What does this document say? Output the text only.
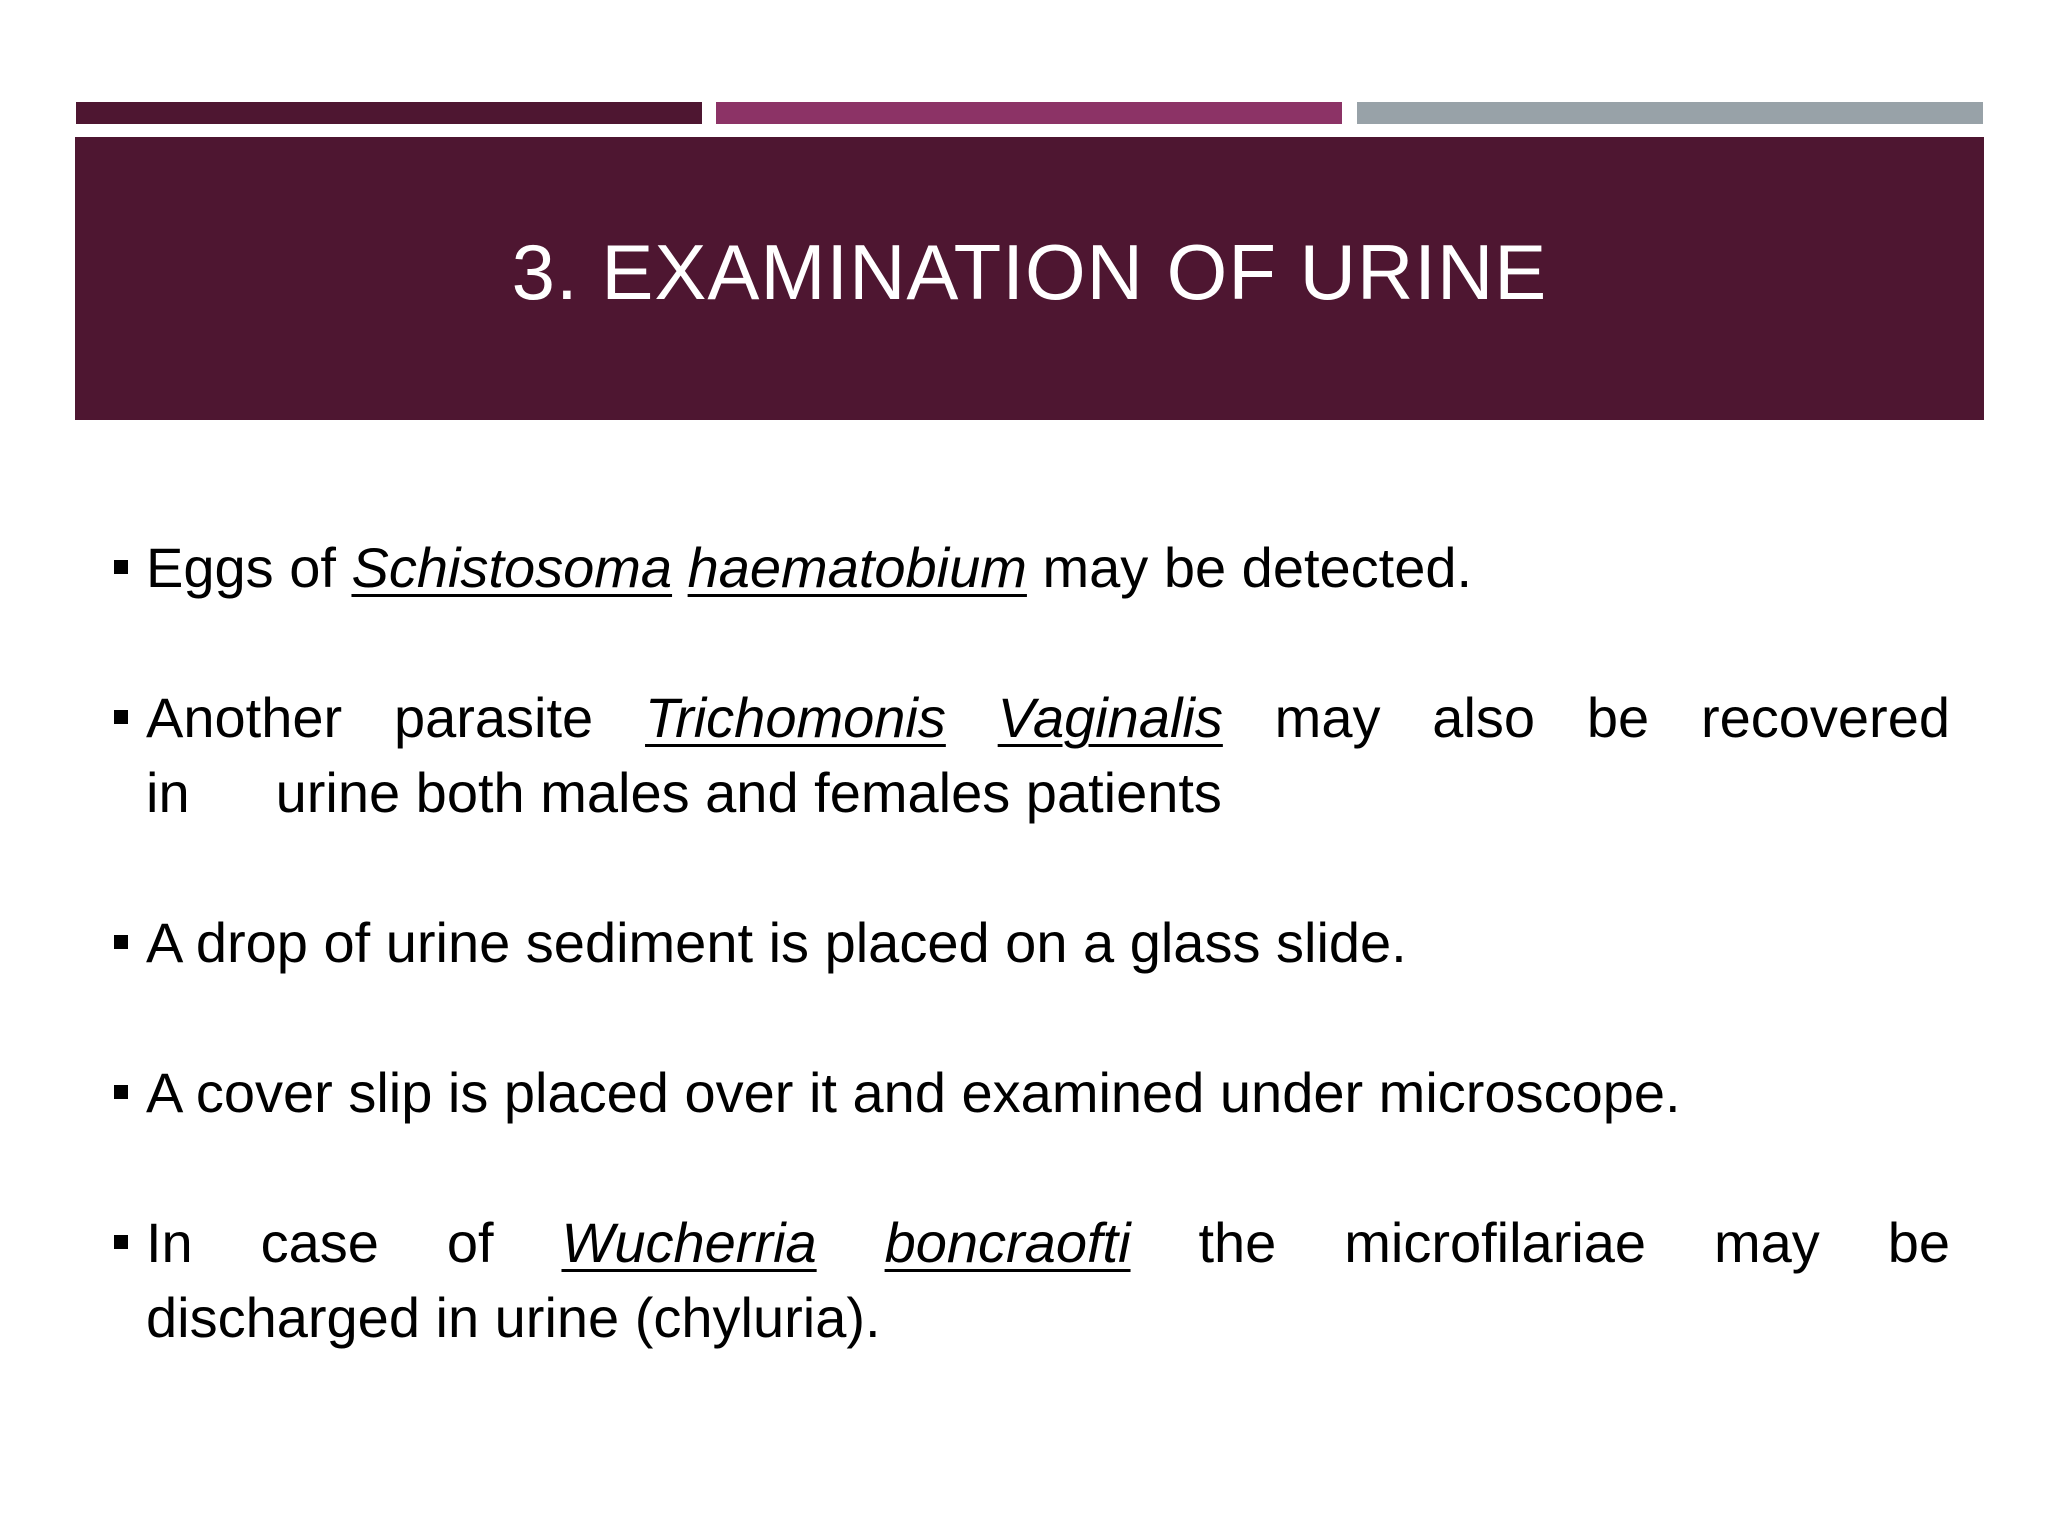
3. EXAMINATION OF URINE
Eggs of Schistosoma haematobium may be detected.
Another parasite Trichomonis Vaginalis may also be recovered
in urine both males and females patients
A drop of urine sediment is placed on a glass slide.
A cover slip is placed over it and examined under microscope.
In case of Wucherria boncraofti the microfilariae may be
discharged in urine (chyluria).
